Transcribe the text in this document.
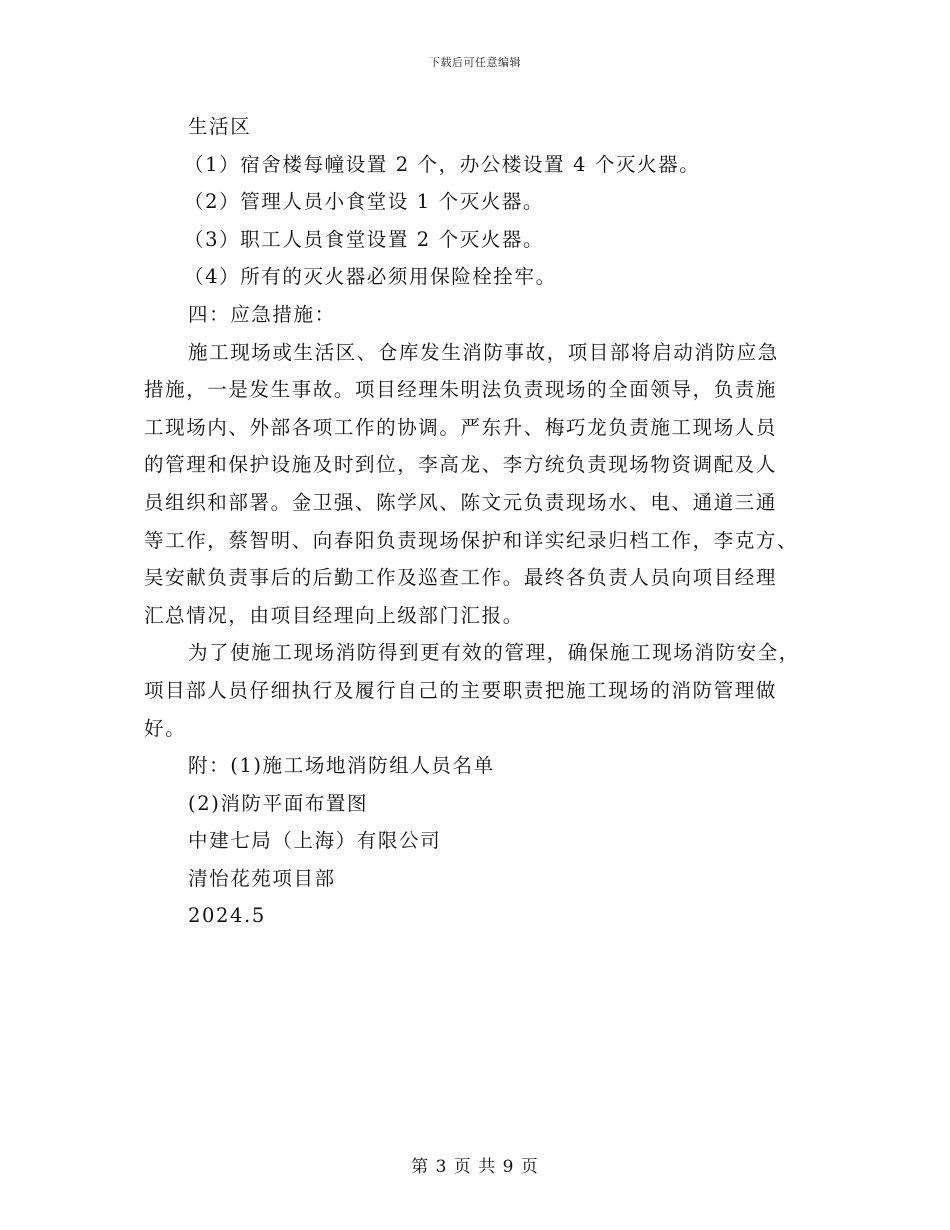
下载后可任意编辑
生活区
（1）宿舍楼每幢设置 2 个，办公楼设置 4 个灭火器。
（2）管理人员小食堂设 1 个灭火器。
（3）职工人员食堂设置 2 个灭火器。
（4）所有的灭火器必须用保险栓拴牢。
四：应急措施：
施工现场或生活区、仓库发生消防事故，项目部将启动消防应急
措施，一是发生事故。项目经理朱明法负责现场的全面领导，负责施
工现场内、外部各项工作的协调。严东升、梅巧龙负责施工现场人员
的管理和保护设施及时到位，李高龙、李方统负责现场物资调配及人
员组织和部署。金卫强、陈学风、陈文元负责现场水、电、通道三通
等工作，蔡智明、向春阳负责现场保护和详实纪录归档工作，李克方、
吴安献负责事后的后勤工作及巡查工作。最终各负责人员向项目经理
汇总情况，由项目经理向上级部门汇报。
为了使施工现场消防得到更有效的管理，确保施工现场消防安全，
项目部人员仔细执行及履行自己的主要职责把施工现场的消防管理做
好。
附：(1)施工场地消防组人员名单
(2)消防平面布置图
中建七局（上海）有限公司
清怡花苑项目部
2024.5
第 3 页 共 9 页
